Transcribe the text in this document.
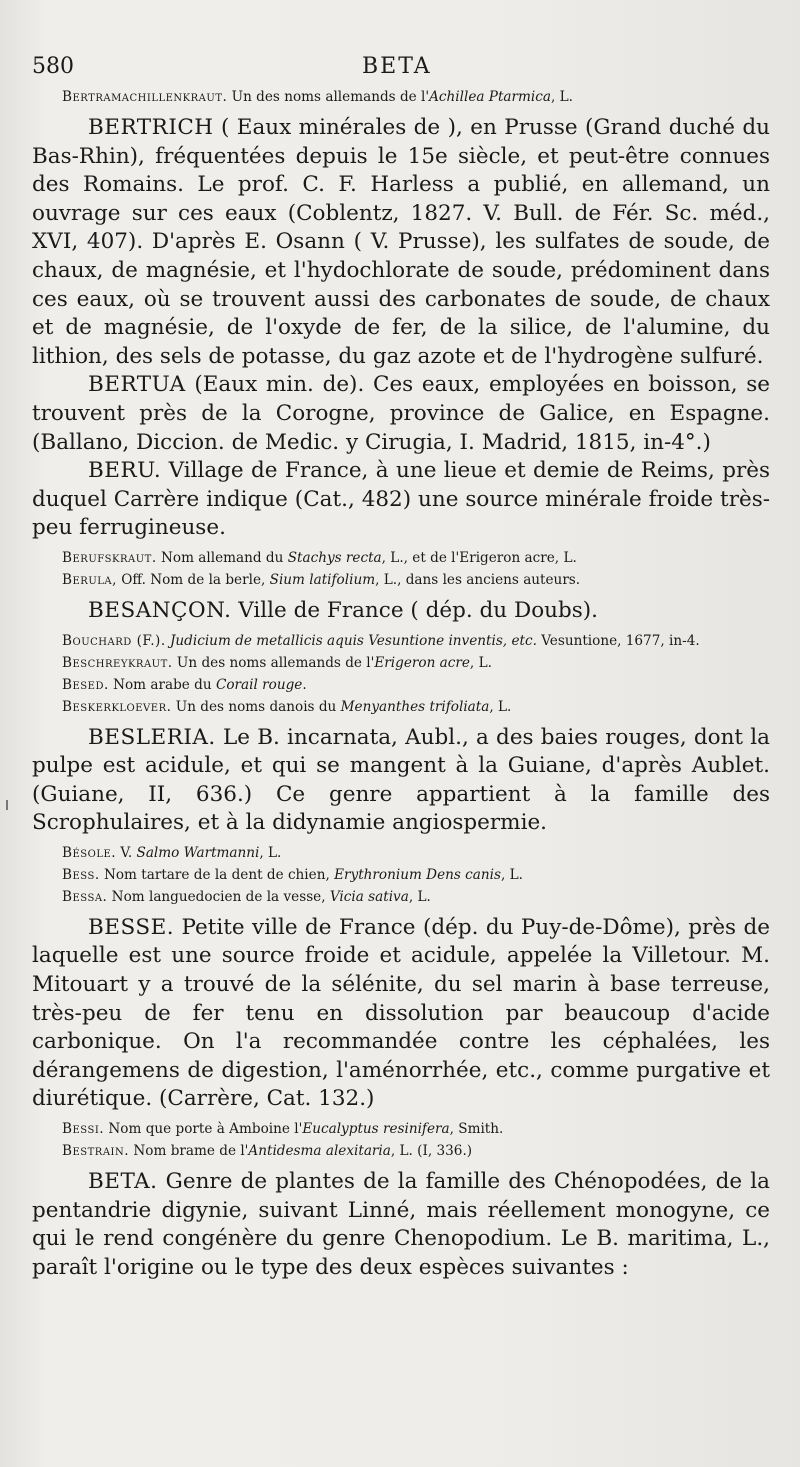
580	BETA

Bertramachillenkraut. Un des noms allemands de l'Achillea Ptarmica, L.

BERTRICH ( Eaux minérales de ), en Prusse (Grand duché du Bas-Rhin), fréquentées depuis le 15e siècle, et peut-être connues des Romains. Le prof. C. F. Harless a publié, en allemand, un ouvrage sur ces eaux (Coblentz, 1827. V. Bull. de Fér. Sc. méd., XVI, 407). D'après E. Osann ( V. Prusse), les sulfates de soude, de chaux, de magnésie, et l'hydochlorate de soude, prédominent dans ces eaux, où se trouvent aussi des carbonates de soude, de chaux et de magnésie, de l'oxyde de fer, de la silice, de l'alumine, du lithion, des sels de potasse, du gaz azote et de l'hydrogène sulfuré.

BERTUA (Eaux min. de). Ces eaux, employées en boisson, se trouvent près de la Corogne, province de Galice, en Espagne. (Ballano, Diccion. de Medic. y Cirugia, I. Madrid, 1815, in-4°.)

BERU. Village de France, à une lieue et demie de Reims, près duquel Carrère indique (Cat., 482) une source minérale froide très-peu ferrugineuse.

Berufskraut. Nom allemand du Stachys recta, L., et de l'Erigeron acre, L.

Berula, Off. Nom de la berle, Sium latifolium, L., dans les anciens auteurs.

BESANÇON. Ville de France ( dép. du Doubs).

Bouchard (F.). Judicium de metallicis aquis Vesuntione inventis, etc. Vesuntione, 1677, in-4.

Beschreykraut. Un des noms allemands de l'Erigeron acre, L.

Besed. Nom arabe du Corail rouge.

Beskerkloever. Un des noms danois du Menyanthes trifoliata, L.

BESLERIA. Le B. incarnata, Aubl., a des baies rouges, dont la pulpe est acidule, et qui se mangent à la Guiane, d'après Aublet. (Guiane, II, 636.) Ce genre appartient à la famille des Scrophulaires, et à la didynamie angiospermie.

Bésole. V. Salmo Wartmanni, L.

Bess. Nom tartare de la dent de chien, Erythronium Dens canis, L.

Bessa. Nom languedocien de la vesse, Vicia sativa, L.

BESSE. Petite ville de France (dép. du Puy-de-Dôme), près de laquelle est une source froide et acidule, appelée la Villetour. M. Mitouart y a trouvé de la sélénite, du sel marin à base terreuse, très-peu de fer tenu en dissolution par beaucoup d'acide carbonique. On l'a recommandée contre les céphalées, les dérangemens de digestion, l'aménorrhée, etc., comme purgative et diurétique. (Carrère, Cat. 132.)

Bessi. Nom que porte à Amboine l'Eucalyptus resinifera, Smith.

Bestrain. Nom brame de l'Antidesma alexitaria, L. (I, 336.)

BETA. Genre de plantes de la famille des Chénopodées, de la pentandrie digynie, suivant Linné, mais réellement monogyne, ce qui le rend congénère du genre Chenopodium. Le B. maritima, L., paraît l'origine ou le type des deux espèces suivantes :
